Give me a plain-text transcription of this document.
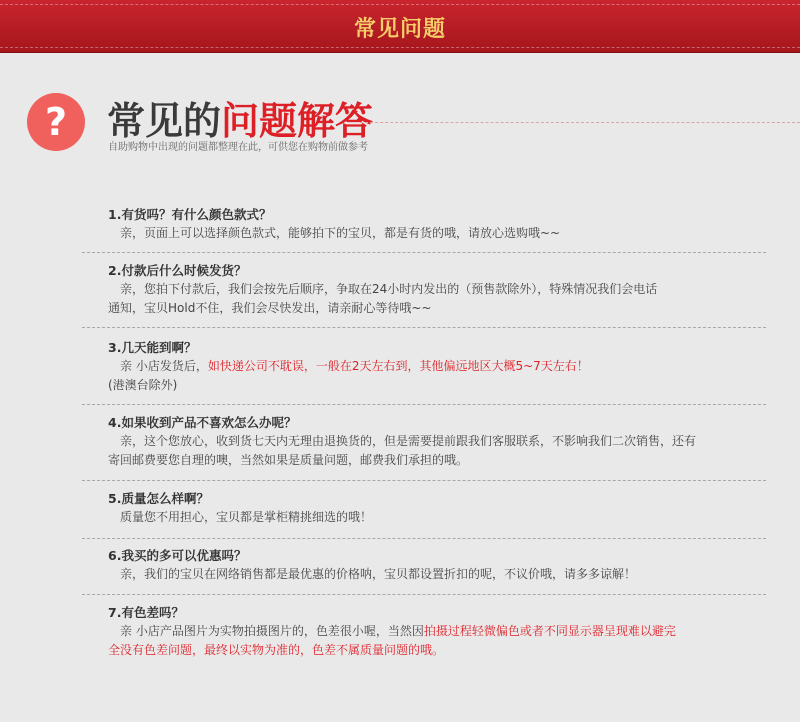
常见问题
?	常见的问题解答
自助购物中出现的问题都整理在此，可供您在购物前做参考
1.有货吗？有什么颜色款式？
亲，页面上可以选择颜色款式，能够拍下的宝贝，都是有货的哦，请放心选购哦~~
2.付款后什么时候发货？
亲，您拍下付款后，我们会按先后顺序，争取在24小时内发出的（预售款除外），特殊情况我们会电话
通知，宝贝Hold不住，我们会尽快发出，请亲耐心等待哦~~
3.几天能到啊？
亲 小店发货后，如快递公司不耽误，一般在2天左右到，其他偏远地区大概5~7天左右！
(港澳台除外)
4.如果收到产品不喜欢怎么办呢？
亲，这个您放心，收到货七天内无理由退换货的，但是需要提前跟我们客服联系，不影响我们二次销售，还有
寄回邮费要您自理的噢，当然如果是质量问题，邮费我们承担的哦。
5.质量怎么样啊？
质量您不用担心，宝贝都是掌柜精挑细选的哦！
6.我买的多可以优惠吗？
亲，我们的宝贝在网络销售都是最优惠的价格呐，宝贝都设置折扣的呢，不议价哦，请多多谅解！
7.有色差吗？
亲 小店产品图片为实物拍摄图片的，色差很小喔，当然因拍摄过程轻微偏色或者不同显示器呈现难以避完
全没有色差问题，最终以实物为准的，色差不属质量问题的哦。
